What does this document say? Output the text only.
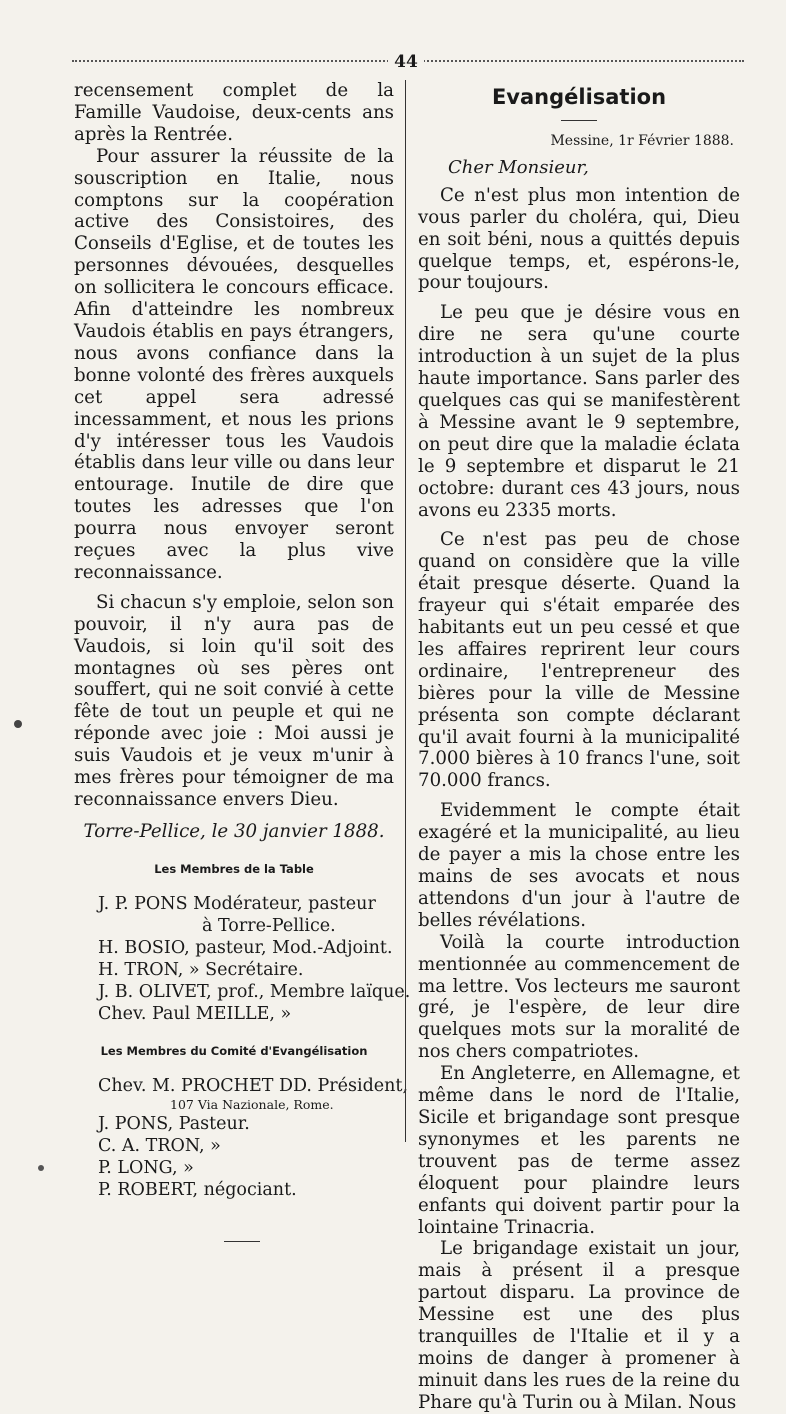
44

recensement complet de la Famille Vaudoise, deux-cents ans après la Rentrée.

Pour assurer la réussite de la souscription en Italie, nous comptons sur la coopération active des Consistoires, des Conseils d'Eglise, et de toutes les personnes dévouées, desquelles on sollicitera le concours efficace. Afin d'atteindre les nombreux Vaudois établis en pays étrangers, nous avons confiance dans la bonne volonté des frères auxquels cet appel sera adressé incessamment, et nous les prions d'y intéresser tous les Vaudois établis dans leur ville ou dans leur entourage. Inutile de dire que toutes les adresses que l'on pourra nous envoyer seront reçues avec la plus vive reconnaissance.

Si chacun s'y emploie, selon son pouvoir, il n'y aura pas de Vaudois, si loin qu'il soit des montagnes où ses pères ont souffert, qui ne soit convié à cette fête de tout un peuple et qui ne réponde avec joie : Moi aussi je suis Vaudois et je veux m'unir à mes frères pour témoigner de ma reconnaissance envers Dieu.

Torre-Pellice, le 30 janvier 1888.

Les Membres de la Table

J. P. PONS Modérateur, pasteur

à Torre-Pellice.

H. BOSIO, pasteur, Mod.-Adjoint.

H. TRON, » Secrétaire.

J. B. OLIVET, prof., Membre laïque.

Chev. Paul MEILLE, »

Les Membres du Comité d'Evangélisation

Chev. M. PROCHET DD. Président,

107 Via Nazionale, Rome.

J. PONS, Pasteur.

C. A. TRON, »

P. LONG, »

P. ROBERT, négociant.

Evangélisation

Messine, 1r Février 1888.

Cher Monsieur,

Ce n'est plus mon intention de vous parler du choléra, qui, Dieu en soit béni, nous a quittés depuis quelque temps, et, espérons-le, pour toujours.

Le peu que je désire vous en dire ne sera qu'une courte introduction à un sujet de la plus haute importance. Sans parler des quelques cas qui se manifestèrent à Messine avant le 9 septembre, on peut dire que la maladie éclata le 9 septembre et disparut le 21 octobre: durant ces 43 jours, nous avons eu 2335 morts.

Ce n'est pas peu de chose quand on considère que la ville était presque déserte. Quand la frayeur qui s'était emparée des habitants eut un peu cessé et que les affaires reprirent leur cours ordinaire, l'entrepreneur des bières pour la ville de Messine présenta son compte déclarant qu'il avait fourni à la municipalité 7.000 bières à 10 francs l'une, soit 70.000 francs.

Evidemment le compte était exagéré et la municipalité, au lieu de payer a mis la chose entre les mains de ses avocats et nous attendons d'un jour à l'autre de belles révélations.

Voilà la courte introduction mentionnée au commencement de ma lettre. Vos lecteurs me sauront gré, je l'espère, de leur dire quelques mots sur la moralité de nos chers compatriotes.

En Angleterre, en Allemagne, et même dans le nord de l'Italie, Sicile et brigandage sont presque synonymes et les parents ne trouvent pas de terme assez éloquent pour plaindre leurs enfants qui doivent partir pour la lointaine Trinacria.

Le brigandage existait un jour, mais à présent il a presque partout disparu. La province de Messine est une des plus tranquilles de l'Italie et il y a moins de danger à promener à minuit dans les rues de la reine du Phare qu'à Turin ou à Milan. Nous
